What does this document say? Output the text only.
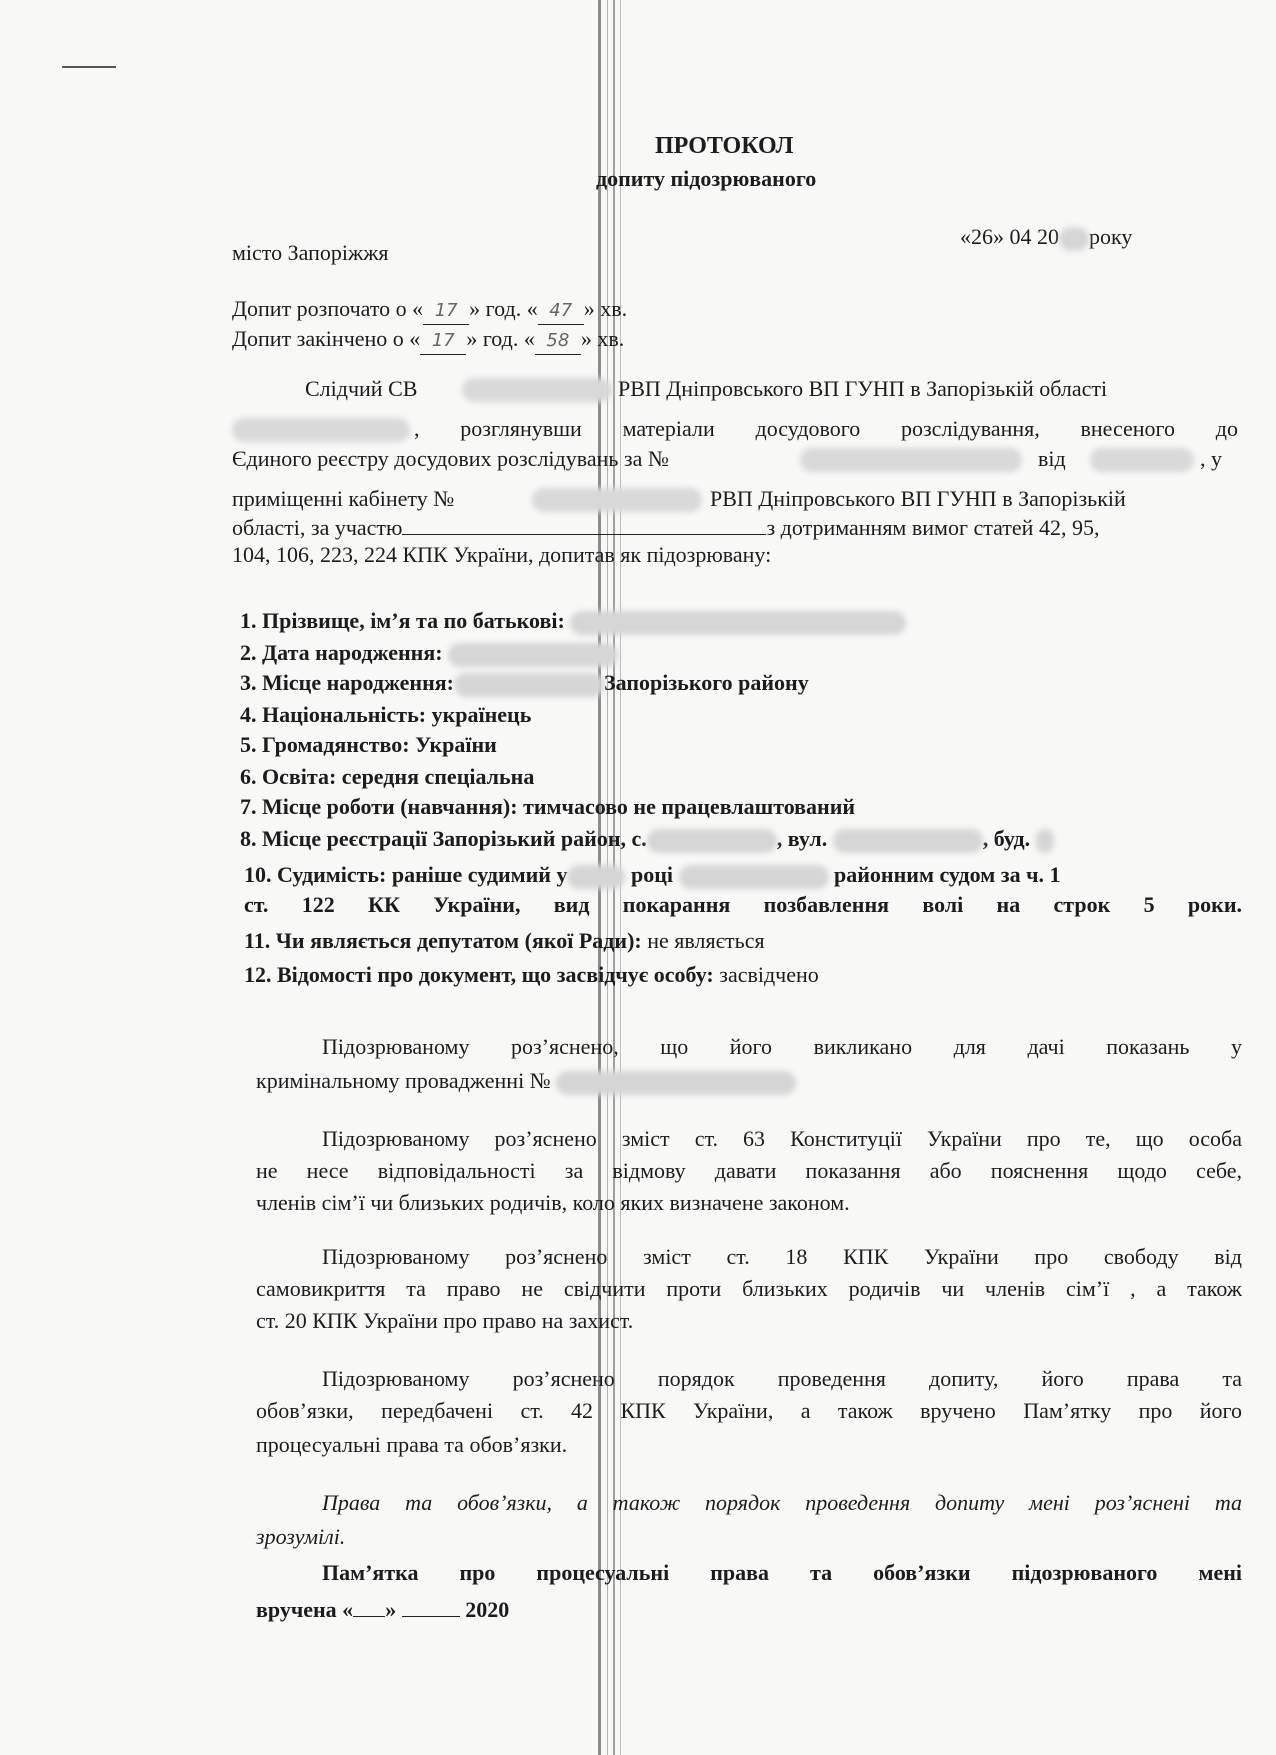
ПРОТОКОЛ
допиту підозрюваного
місто Запоріжжя
«26» 04 20 року
Допит розпочато о « 17 » год. « 47 » хв.
Допит закінчено о « 17 » год. « 58 » хв.
Слідчий СВ	РВП Дніпровського ВП ГУНП в Запорізькій області
, розглянувши матеріали досудового розслідування, внесеного до
Єдиного реєстру досудових розслідувань за №	від	, у
приміщенні кабінету №	РВП Дніпровського ВП ГУНП в Запорізькій
області, за участю	з дотриманням вимог статей 42, 95,
104, 106, 223, 224 КПК України, допитав як підозрювану:
1. Прізвище, ім’я та по батькові:
2. Дата народження:
3. Місце народження:	Запорізького району
4. Національність: українець
5. Громадянство: України
6. Освіта: середня спеціальна
7. Місце роботи (навчання): тимчасово не працевлаштований
8. Місце реєстрації Запорізький район, с.	, вул.	, буд.
10. Судимість: раніше судимий у	році	районним судом за ч. 1
ст. 122 КК України, вид покарання позбавлення волі на строк 5 роки.
11. Чи являється депутатом (якої Ради): не являється
12. Відомості про документ, що засвідчує особу: засвідчено
Підозрюваному роз’яснено, що його викликано для дачі показань у
кримінальному провадженні №
Підозрюваному роз’яснено зміст ст. 63 Конституції України про те, що особа
не несе відповідальності за відмову давати показання або пояснення щодо себе,
членів сім’ї чи близьких родичів, коло яких визначене законом.
Підозрюваному роз’яснено зміст ст. 18 КПК України про свободу від
самовикриття та право не свідчити проти близьких родичів чи членів сім’ї , а також
ст. 20 КПК України про право на захист.
Підозрюваному роз’яснено порядок проведення допиту, його права та
обов’язки, передбачені ст. 42 КПК України, а також вручено Пам’ятку про його
процесуальні права та обов’язки.
Права та обов’язки, а також порядок проведення допиту мені роз’яснені та
зрозумілі.
Пам’ятка про процесуальні права та обов’язки підозрюваного мені
вручена « »	2020
